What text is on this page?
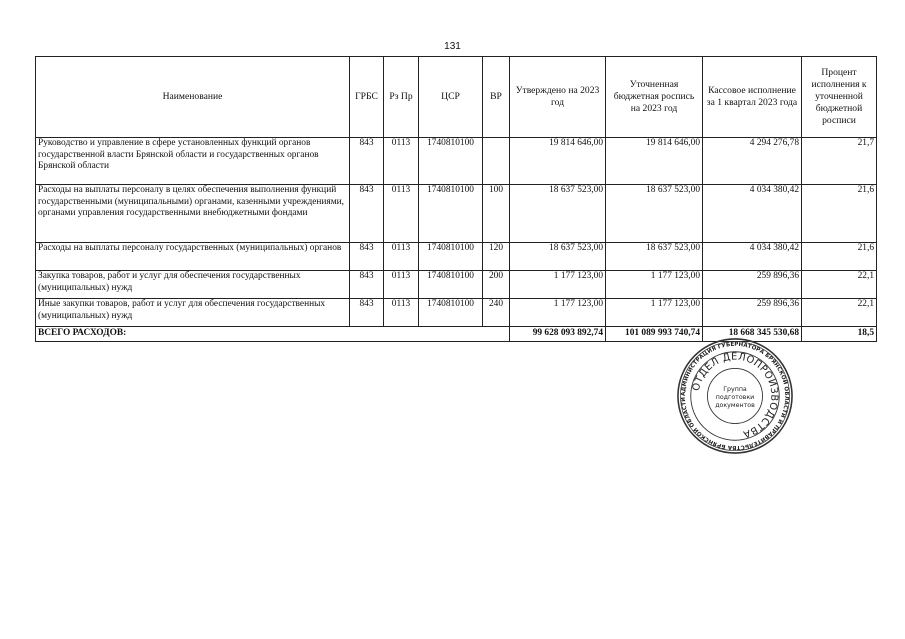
131
Наименование	ГРБС	Рз Пр	ЦСР	ВР	Утверждено на 2023 год	Уточненная бюджетная роспись на 2023 год	Кассовое исполнение за 1 квартал 2023 года	Процент исполнения к уточненной бюджетной росписи
Руководство и управление в сфере установленных функций органов государственной власти Брянской области и государственных органов Брянской области	843	0113	1740810100		19 814 646,00	19 814 646,00	4 294 276,78	21,7
Расходы на выплаты персоналу в целях обеспечения выполнения функций государственными (муниципальными) органами, казенными учреждениями, органами управления государственными внебюджетными фондами	843	0113	1740810100	100	18 637 523,00	18 637 523,00	4 034 380,42	21,6
Расходы на выплаты персоналу государственных (муниципальных) органов	843	0113	1740810100	120	18 637 523,00	18 637 523,00	4 034 380,42	21,6
Закупка товаров, работ и услуг для обеспечения государственных (муниципальных) нужд	843	0113	1740810100	200	1 177 123,00	1 177 123,00	259 896,36	22,1
Иные закупки товаров, работ и услуг для обеспечения государственных (муниципальных) нужд	843	0113	1740810100	240	1 177 123,00	1 177 123,00	259 896,36	22,1
ВСЕГО РАСХОДОВ:					99 628 093 892,74	101 089 993 740,74	18 668 345 530,68	18,5
АДМИНИСТРАЦИЯ ГУБЕРНАТОРА БРЯНСКОЙ ОБЛАСТИ И ПРАВИТЕЛЬСТВА БРЯНСКОЙ ОБЛАСТИ
ОТДЕЛ ДЕЛОПРОИЗВОДСТВА
Группа
подготовки
документов
